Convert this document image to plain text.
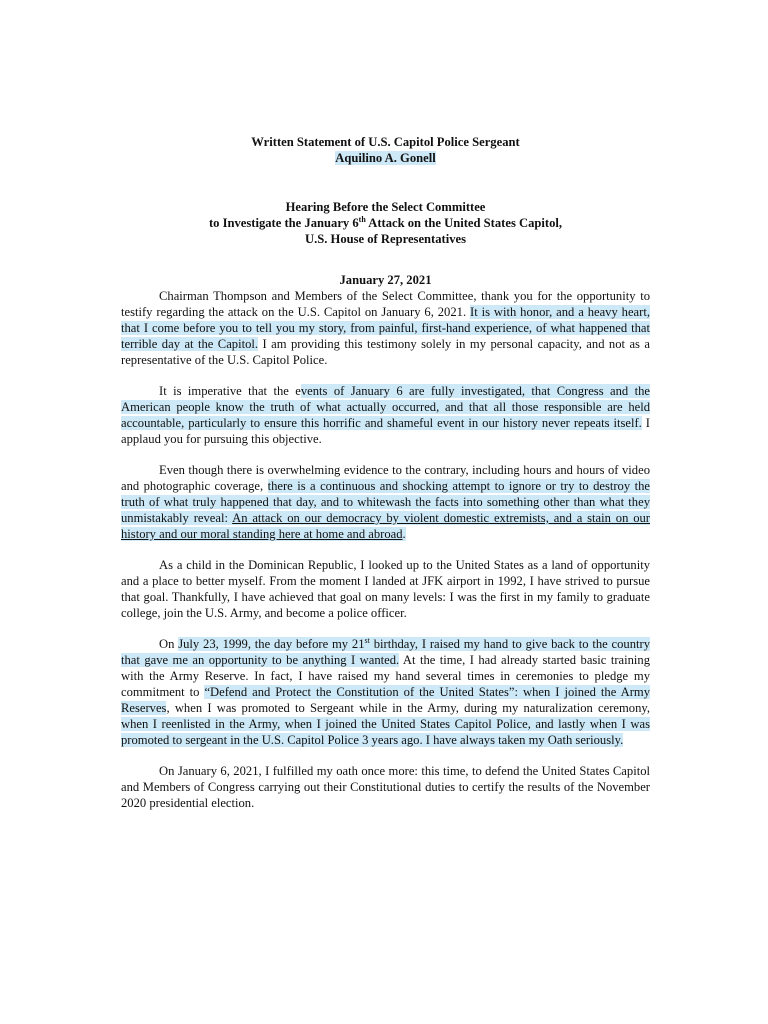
Written Statement of U.S. Capitol Police Sergeant
Aquilino A. Gonell
Hearing Before the Select Committee
to Investigate the January 6th Attack on the United States Capitol,
U.S. House of Representatives
January 27, 2021

Chairman Thompson and Members of the Select Committee, thank you for the opportunity to testify regarding the attack on the U.S. Capitol on January 6, 2021. It is with honor, and a heavy heart, that I come before you to tell you my story, from painful, first-hand experience, of what happened that terrible day at the Capitol. I am providing this testimony solely in my personal capacity, and not as a representative of the U.S. Capitol Police.

It is imperative that the events of January 6 are fully investigated, that Congress and the American people know the truth of what actually occurred, and that all those responsible are held accountable, particularly to ensure this horrific and shameful event in our history never repeats itself. I applaud you for pursuing this objective.

Even though there is overwhelming evidence to the contrary, including hours and hours of video and photographic coverage, there is a continuous and shocking attempt to ignore or try to destroy the truth of what truly happened that day, and to whitewash the facts into something other than what they unmistakably reveal: An attack on our democracy by violent domestic extremists, and a stain on our history and our moral standing here at home and abroad.

As a child in the Dominican Republic, I looked up to the United States as a land of opportunity and a place to better myself. From the moment I landed at JFK airport in 1992, I have strived to pursue that goal. Thankfully, I have achieved that goal on many levels: I was the first in my family to graduate college, join the U.S. Army, and become a police officer.

On July 23, 1999, the day before my 21st birthday, I raised my hand to give back to the country that gave me an opportunity to be anything I wanted. At the time, I had already started basic training with the Army Reserve. In fact, I have raised my hand several times in ceremonies to pledge my commitment to “Defend and Protect the Constitution of the United States”: when I joined the Army Reserves, when I was promoted to Sergeant while in the Army, during my naturalization ceremony, when I reenlisted in the Army, when I joined the United States Capitol Police, and lastly when I was promoted to sergeant in the U.S. Capitol Police 3 years ago. I have always taken my Oath seriously.

On January 6, 2021, I fulfilled my oath once more: this time, to defend the United States Capitol and Members of Congress carrying out their Constitutional duties to certify the results of the November 2020 presidential election.
